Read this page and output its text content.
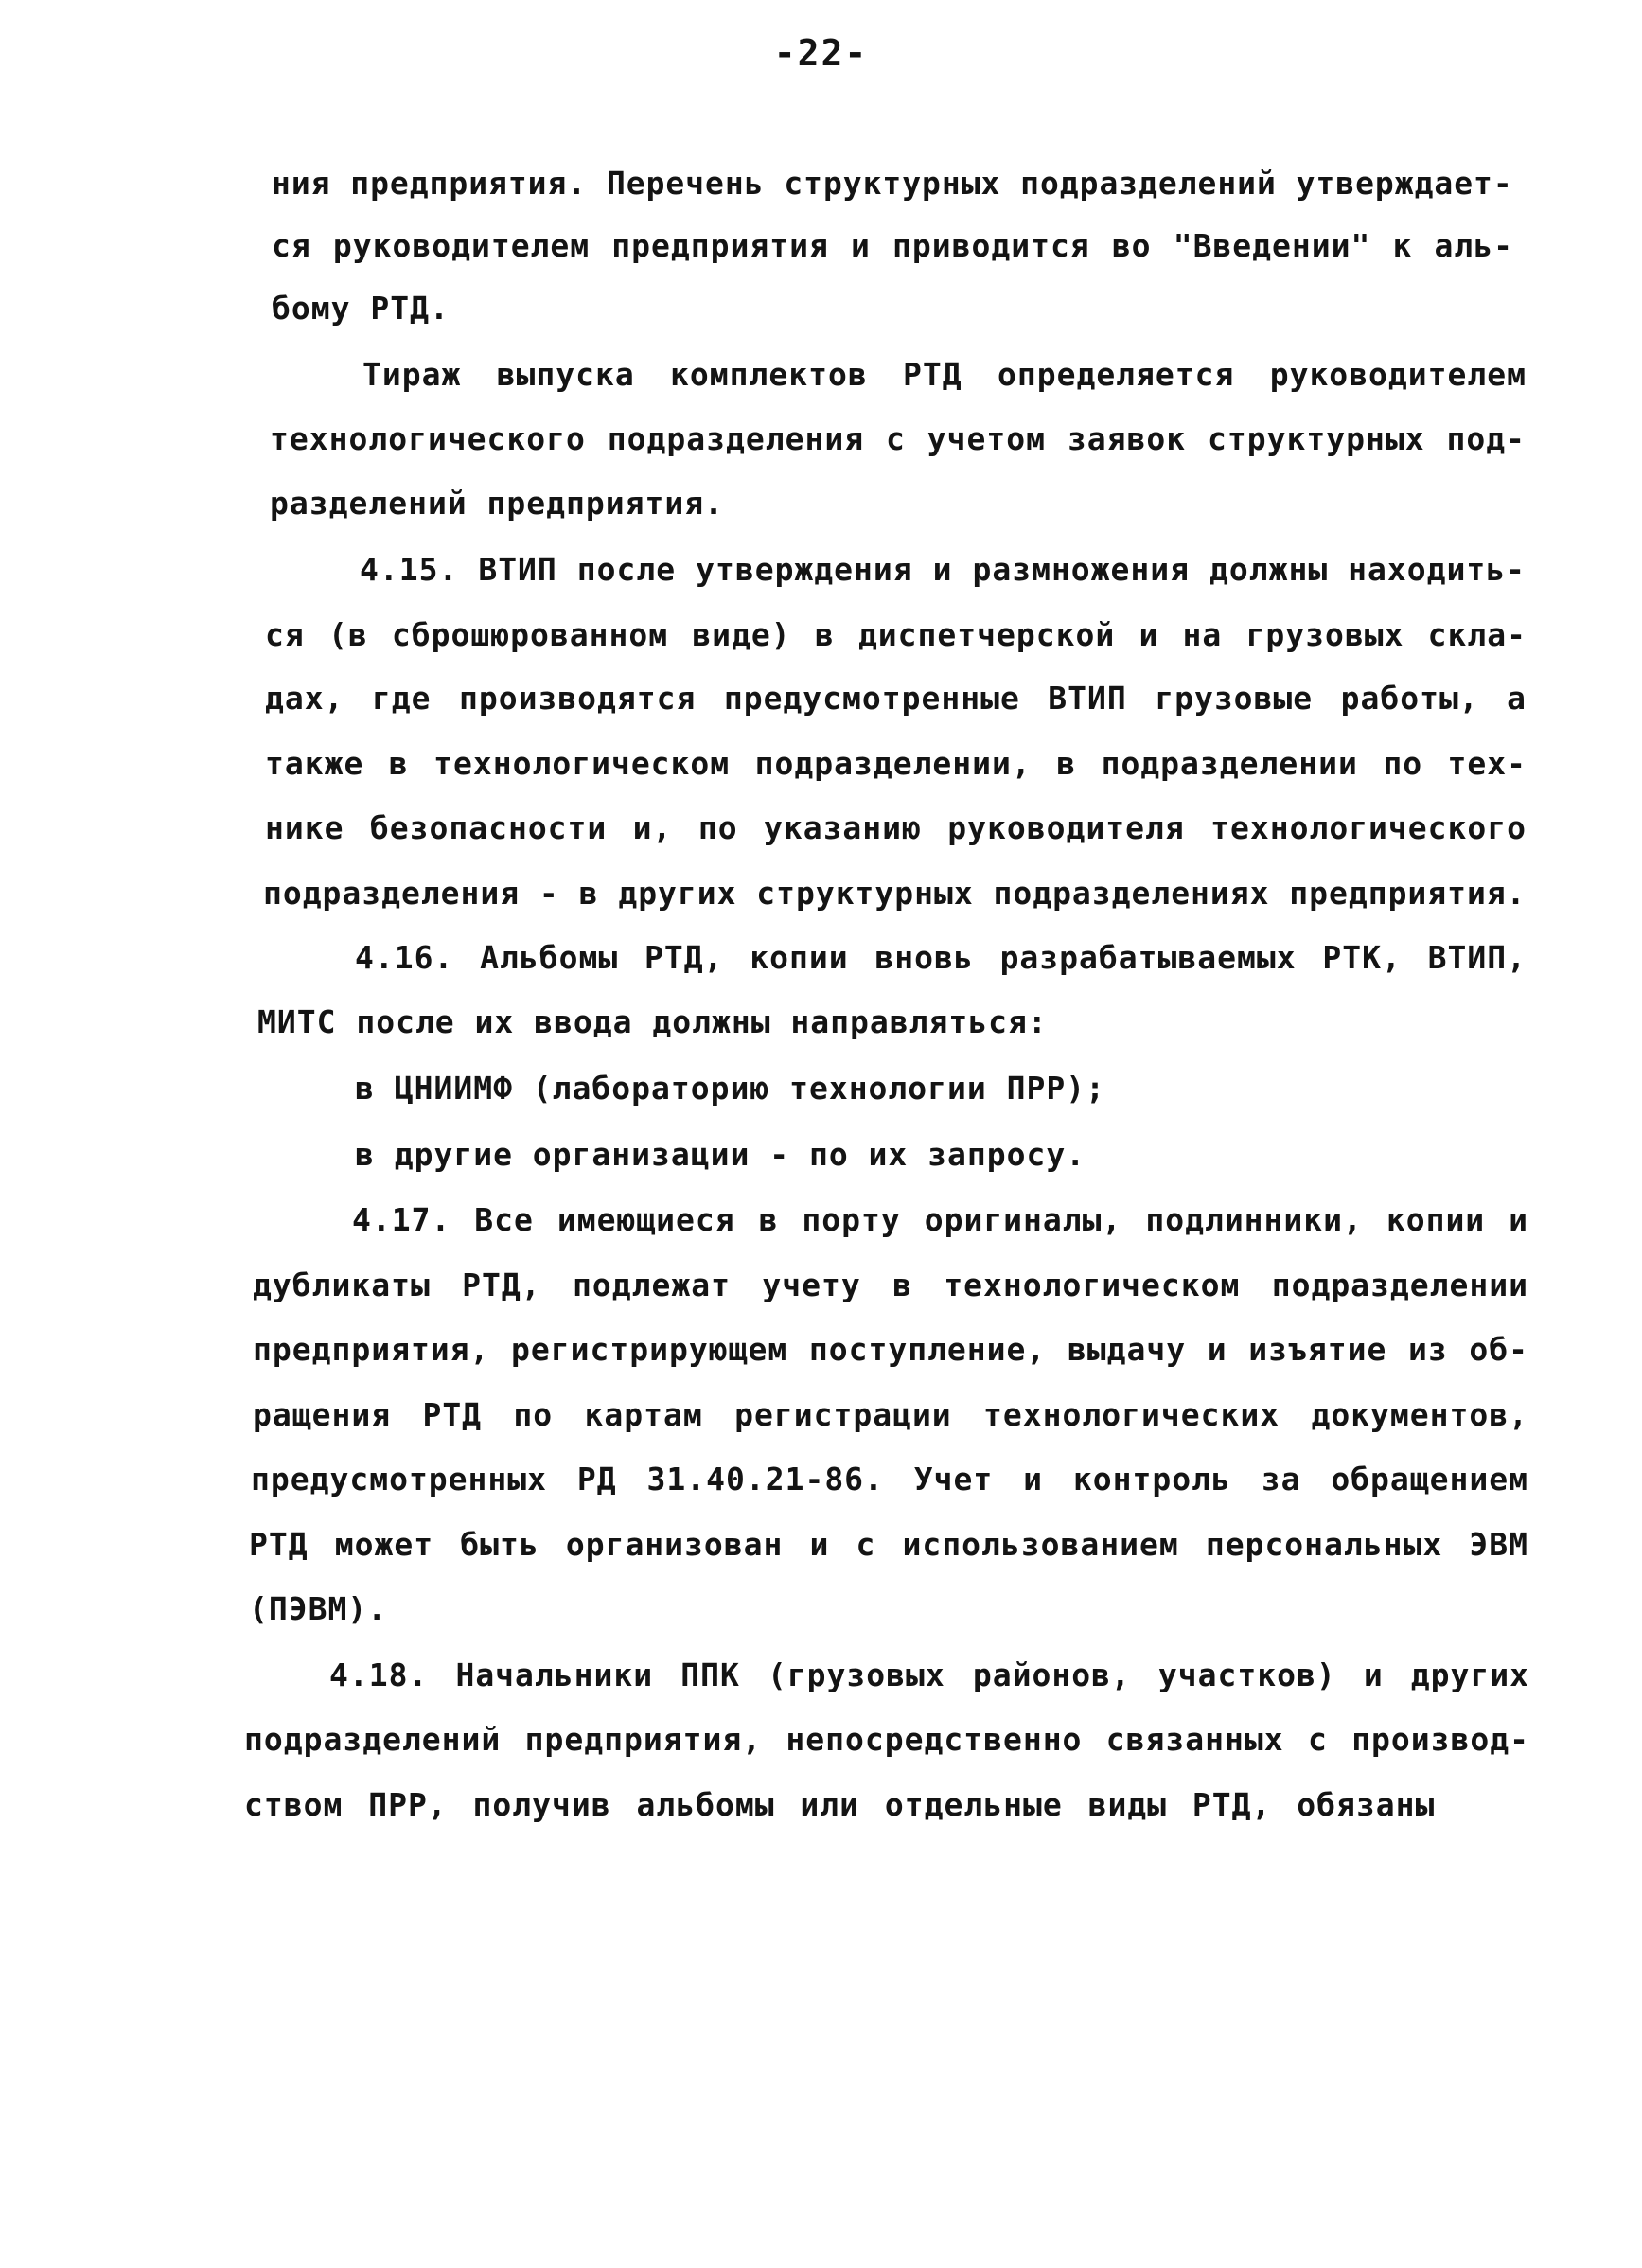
-22-
ния предприятия. Перечень структурных подразделений утверждает-
ся руководителем предприятия и приводится во "Введении" к аль-
бому РТД.
Тираж выпуска комплектов РТД определяется руководителем
технологического подразделения с учетом заявок структурных под-
разделений предприятия.
4.15. ВТИП после утверждения и размножения должны находить-
ся (в сброшюрованном виде) в диспетчерской и на грузовых скла-
дах, где производятся предусмотренные ВТИП грузовые работы, а
также в технологическом подразделении, в подразделении по тех-
нике безопасности и, по указанию руководителя технологического
подразделения - в других структурных подразделениях предприятия.
4.16. Альбомы РТД, копии вновь разрабатываемых РТК, ВТИП,
МИТС после их ввода должны направляться:
в ЦНИИМФ (лабораторию технологии ПРР);
в другие организации - по их запросу.
4.17. Все имеющиеся в порту оригиналы, подлинники, копии и
дубликаты РТД, подлежат учету в технологическом подразделении
предприятия, регистрирующем поступление, выдачу и изъятие из об-
ращения РТД по картам регистрации технологических документов,
предусмотренных РД 31.40.21-86. Учет и контроль за обращением
РТД может быть организован и с использованием персональных ЭВМ
(ПЭВМ).
4.18. Начальники ППК (грузовых районов, участков) и других
подразделений предприятия, непосредственно связанных с производ-
ством ПРР, получив альбомы или отдельные виды РТД, обязаны
